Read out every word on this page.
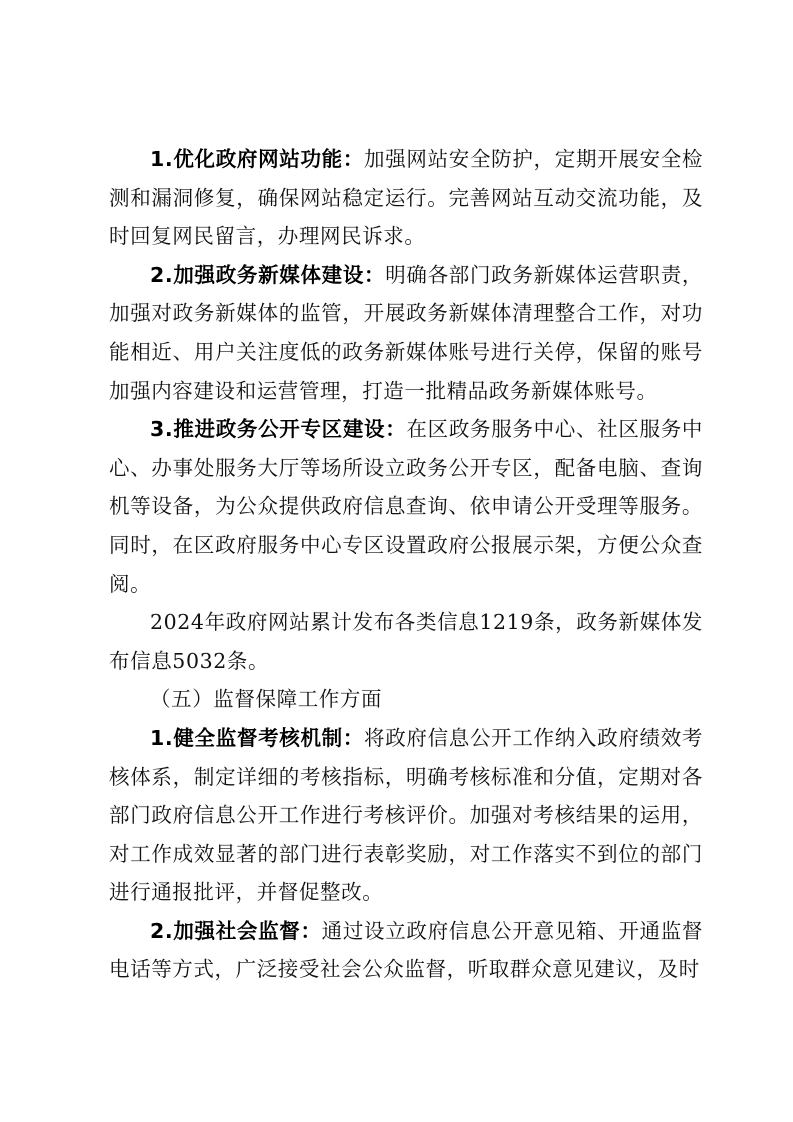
1.优化政府网站功能：加强网站安全防护，定期开展安全检测和漏洞修复，确保网站稳定运行。完善网站互动交流功能，及时回复网民留言，办理网民诉求。

2.加强政务新媒体建设：明确各部门政务新媒体运营职责，加强对政务新媒体的监管，开展政务新媒体清理整合工作，对功能相近、用户关注度低的政务新媒体账号进行关停，保留的账号加强内容建设和运营管理，打造一批精品政务新媒体账号。

3.推进政务公开专区建设：在区政务服务中心、社区服务中心、办事处服务大厅等场所设立政务公开专区，配备电脑、查询机等设备，为公众提供政府信息查询、依申请公开受理等服务。同时，在区政府服务中心专区设置政府公报展示架，方便公众查阅。

2024年政府网站累计发布各类信息1219条，政务新媒体发布信息5032条。

（五）监督保障工作方面

1.健全监督考核机制：将政府信息公开工作纳入政府绩效考核体系，制定详细的考核指标，明确考核标准和分值，定期对各部门政府信息公开工作进行考核评价。加强对考核结果的运用，对工作成效显著的部门进行表彰奖励，对工作落实不到位的部门进行通报批评，并督促整改。

2.加强社会监督：通过设立政府信息公开意见箱、开通监督电话等方式，广泛接受社会公众监督，听取群众意见建议，及时
